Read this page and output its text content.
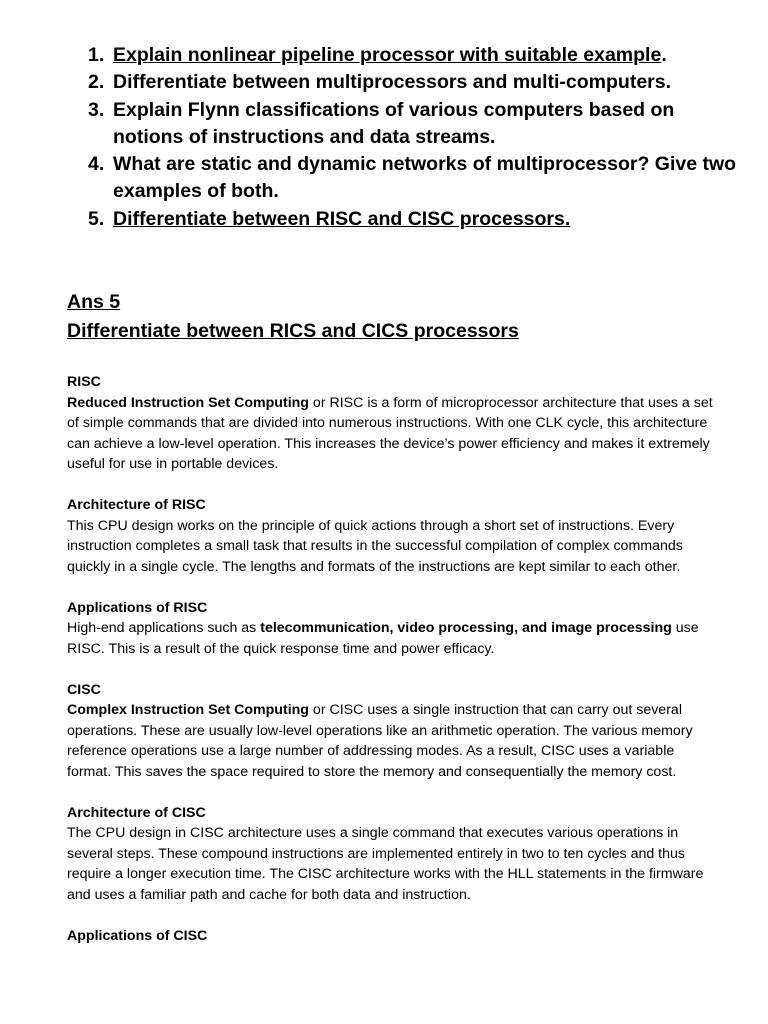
1. Explain nonlinear pipeline processor with suitable example.
2. Differentiate between multiprocessors and multi-computers.
3. Explain Flynn classifications of various computers based on notions of instructions and data streams.
4. What are static and dynamic networks of multiprocessor? Give two examples of both.
5. Differentiate between RISC and CISC processors.
Ans 5
Differentiate between RICS and CICS processors

RISC
Reduced Instruction Set Computing or RISC is a form of microprocessor architecture that uses a set of simple commands that are divided into numerous instructions. With one CLK cycle, this architecture can achieve a low-level operation. This increases the device’s power efficiency and makes it extremely useful for use in portable devices.

Architecture of RISC
This CPU design works on the principle of quick actions through a short set of instructions. Every instruction completes a small task that results in the successful compilation of complex commands quickly in a single cycle. The lengths and formats of the instructions are kept similar to each other.

Applications of RISC
High-end applications such as telecommunication, video processing, and image processing use RISC. This is a result of the quick response time and power efficacy.

CISC
Complex Instruction Set Computing or CISC uses a single instruction that can carry out several operations. These are usually low-level operations like an arithmetic operation. The various memory reference operations use a large number of addressing modes. As a result, CISC uses a variable format. This saves the space required to store the memory and consequentially the memory cost.

Architecture of CISC
The CPU design in CISC architecture uses a single command that executes various operations in several steps. These compound instructions are implemented entirely in two to ten cycles and thus require a longer execution time. The CISC architecture works with the HLL statements in the firmware and uses a familiar path and cache for both data and instruction.

Applications of CISC
